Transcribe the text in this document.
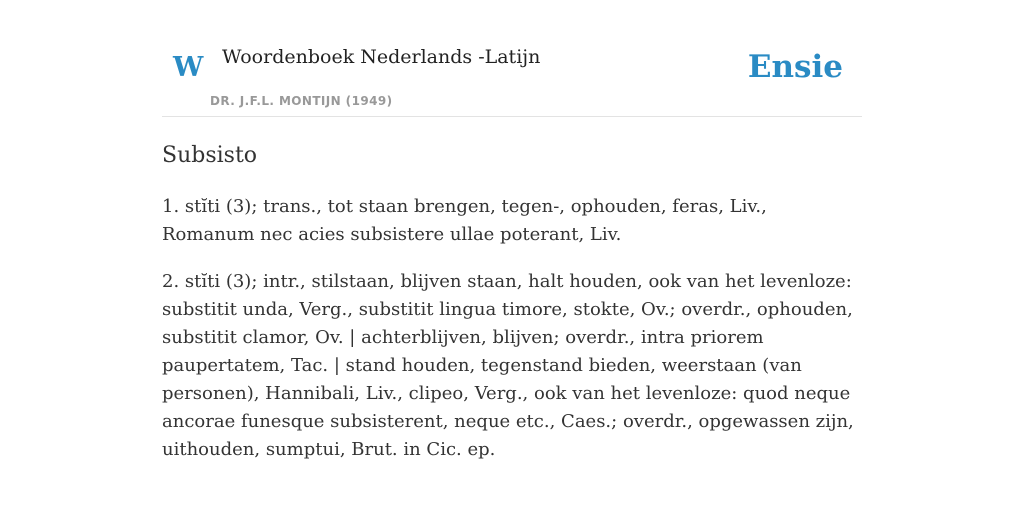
W Woordenboek Nederlands -Latijn
DR. J.F.L. MONTIJN (1949)
Ensie
Subsisto

1. stĭti (3); trans., tot staan brengen, tegen-, ophouden, feras, Liv., Romanum nec acies subsistere ullae poterant, Liv.

2. stĭti (3); intr., stilstaan, blijven staan, halt houden, ook van het levenloze: substitit unda, Verg., substitit lingua timore, stokte, Ov.; overdr., ophouden, substitit clamor, Ov. | achterblijven, blijven; overdr., intra priorem paupertatem, Tac. | stand houden, tegenstand bieden, weerstaan (van personen), Hannibali, Liv., clipeo, Verg., ook van het levenloze: quod neque ancorae funesque subsisterent, neque etc., Caes.; overdr., opgewassen zijn, uithouden, sumptui, Brut. in Cic. ep.
